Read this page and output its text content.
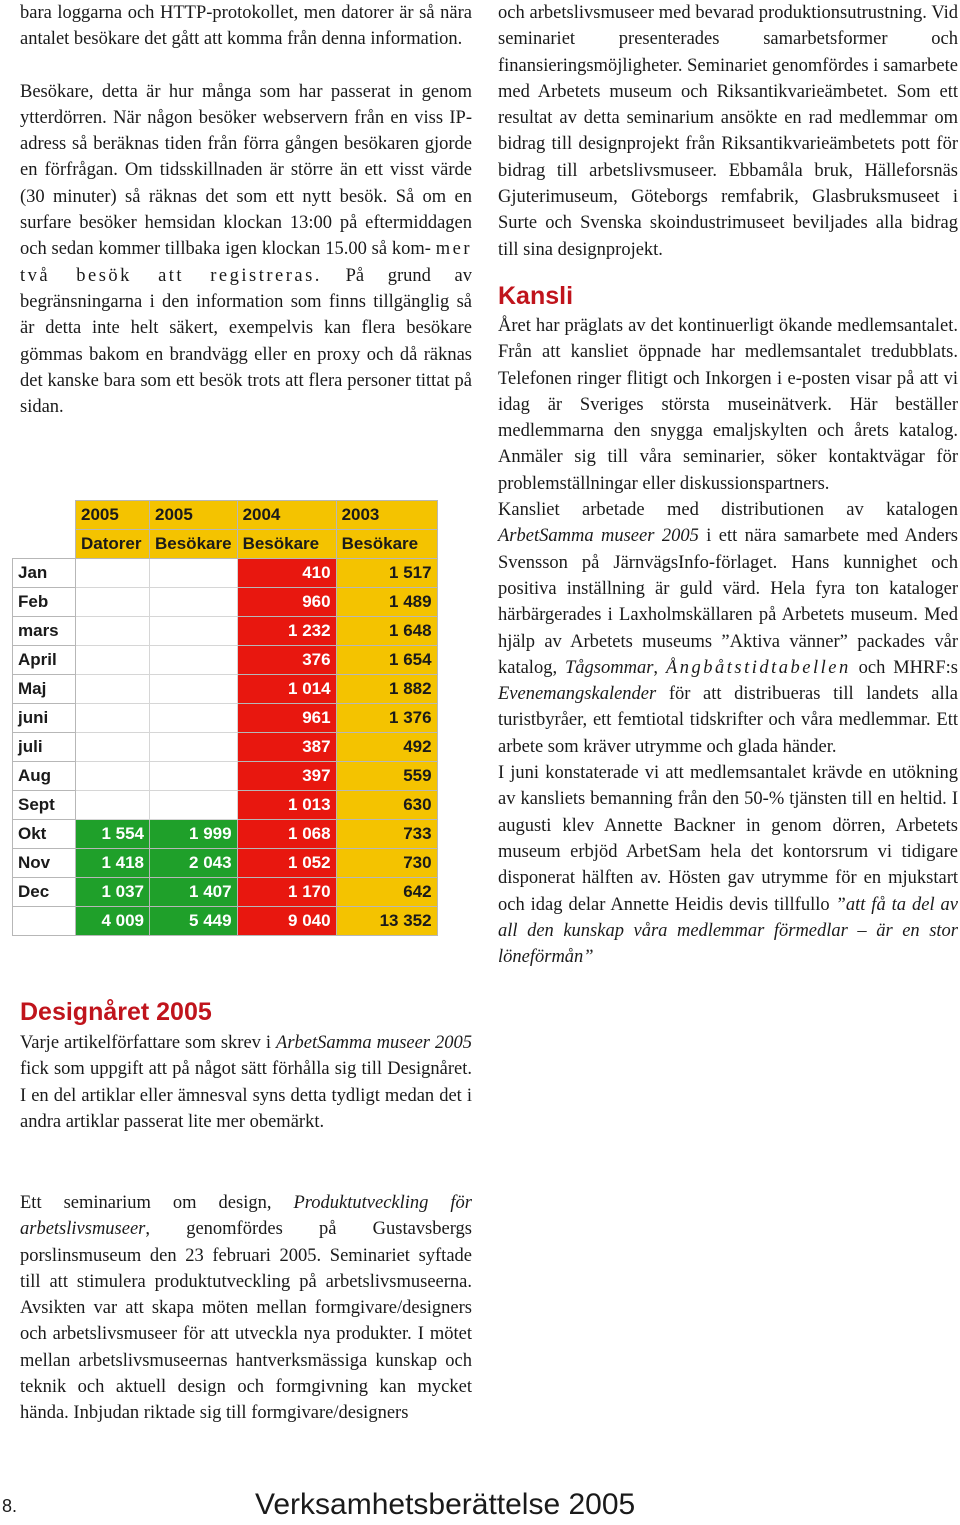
bara loggarna och HTTP-protokollet, men datorer är så nära antalet besökare det gått att komma från denna information.

Besökare, detta är hur många som har passerat in genom ytterdörren. När någon besöker webservern från en viss IP-adress så beräknas tiden från förra gången besökaren gjorde en förfrågan. Om tidsskillnaden är större än ett visst värde (30 minuter) så räknas det som ett nytt besök. Så om en surfare besöker hemsidan klockan 13:00 på eftermiddagen och sedan kommer tillbaka igen klockan 15.00 så kom- mer två besök att registreras. På grund av begränsningarna i den information som finns tillgänglig så är detta inte helt säkert, exempelvis kan flera besökare gömmas bakom en brandvägg eller en proxy och då räknas det kanske bara som ett besök trots att flera personer tittat på sidan.

	2005	2005	2004	2003
	Datorer	Besökare	Besökare	Besökare
Jan			410	1 517
Feb			960	1 489
mars			1 232	1 648
April			376	1 654
Maj			1 014	1 882
juni			961	1 376
juli			387	492
Aug			397	559
Sept			1 013	630
Okt	1 554	1 999	1 068	733
Nov	1 418	2 043	1 052	730
Dec	1 037	1 407	1 170	642
	4 009	5 449	9 040	13 352
Designåret 2005

Varje artikelförfattare som skrev i ArbetSamma museer 2005 fick som uppgift att på något sätt förhålla sig till Designåret. I en del artiklar eller ämnesval syns detta tydligt medan det i andra artiklar passerat lite mer obemärkt.

Ett seminarium om design, Produktutveckling för arbetslivsmuseer, genomfördes på Gustavsbergs porslinsmuseum den 23 februari 2005. Seminariet syftade till att stimulera produktutveckling på arbetslivsmuseerna. Avsikten var att skapa möten mellan formgivare/designers och arbetslivsmuseer för att utveckla nya produkter. I mötet mellan arbetslivsmuseernas hantverksmässiga kunskap och teknik och aktuell design och formgivning kan mycket hända. Inbjudan riktade sig till formgivare/designers

och arbetslivsmuseer med bevarad produktionsutrustning. Vid seminariet presenterades samarbetsformer och finansieringsmöjligheter. Seminariet genomfördes i samarbete med Arbetets museum och Riksantikvarieämbetet. Som ett resultat av detta seminarium ansökte en rad medlemmar om bidrag till designprojekt från Riksantikvarieämbetets pott för bidrag till arbetslivsmuseer. Ebbamåla bruk, Hälleforsnäs Gjuterimuseum, Göteborgs remfabrik, Glasbruksmuseet i Surte och Svenska skoindustrimuseet beviljades alla bidrag till sina designprojekt.

Kansli

Året har präglats av det kontinuerligt ökande medlemsantalet. Från att kansliet öppnade har medlemsantalet tredubblats. Telefonen ringer flitigt och Inkorgen i e-posten visar på att vi idag är Sveriges största museinätverk. Här beställer medlemmarna den snygga emaljskylten och årets katalog. Anmäler sig till våra seminarier, söker kontaktvägar för problemställningar eller diskussionspartners.

Kansliet arbetade med distributionen av katalogen ArbetSamma museer 2005 i ett nära samarbete med Anders Svensson på JärnvägsInfo-förlaget. Hans kunnighet och positiva inställning är guld värd. Hela fyra ton kataloger härbärgerades i Laxholmskällaren på Arbetets museum. Med hjälp av Arbetets museums ”Aktiva vänner” packades vår katalog, Tågsommar, Ångbåtstidtabellen och MHRF:s Evenemangskalender för att distribueras till landets alla turistbyråer, ett femtiotal tidskrifter och våra medlemmar. Ett arbete som kräver utrymme och glada händer.

I juni konstaterade vi att medlemsantalet krävde en utökning av kansliets bemanning från den 50-% tjänsten till en heltid. I augusti klev Annette Backner in genom dörren, Arbetets museum erbjöd ArbetSam hela det kontorsrum vi tidigare disponerat hälften av. Hösten gav utrymme för en mjukstart och idag delar Annette Heidis devis tillfullo ”att få ta del av all den kunskap våra medlemmar förmedlar – är en stor löneförmån”

8.	Verksamhetsberättelse 2005
